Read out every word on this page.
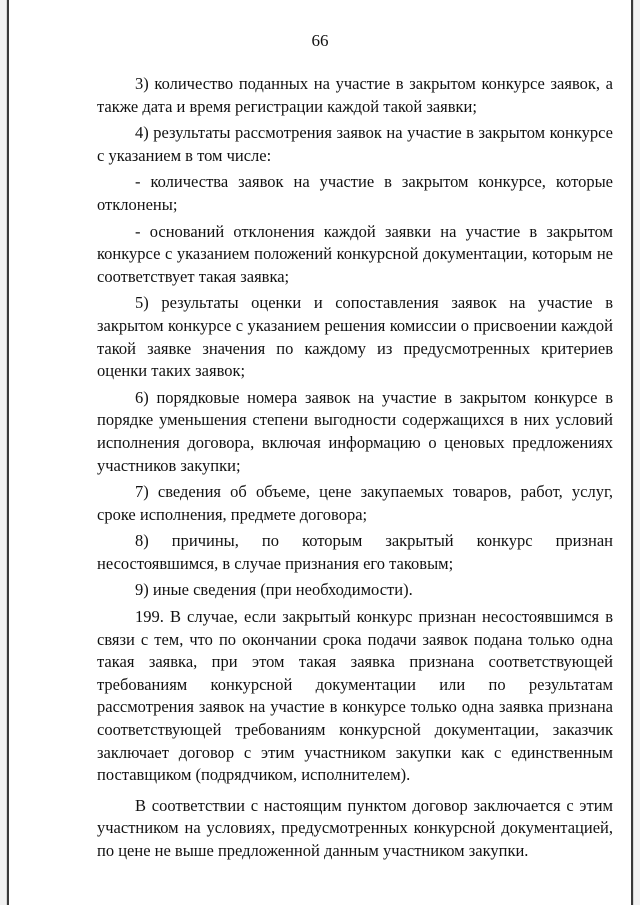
66

3) количество поданных на участие в закрытом конкурсе заявок, а также дата и время регистрации каждой такой заявки;

4) результаты рассмотрения заявок на участие в закрытом конкурсе с указанием в том числе:

- количества заявок на участие в закрытом конкурсе, которые отклонены;

- оснований отклонения каждой заявки на участие в закрытом конкурсе с указанием положений конкурсной документации, которым не соответствует такая заявка;

5) результаты оценки и сопоставления заявок на участие в закрытом конкурсе с указанием решения комиссии о присвоении каждой такой заявке значения по каждому из предусмотренных критериев оценки таких заявок;

6) порядковые номера заявок на участие в закрытом конкурсе в порядке уменьшения степени выгодности содержащихся в них условий исполнения договора, включая информацию о ценовых предложениях участников закупки;

7) сведения об объеме, цене закупаемых товаров, работ, услуг, сроке исполнения, предмете договора;

8) причины, по которым закрытый конкурс признан несостоявшимся, в случае признания его таковым;

9) иные сведения (при необходимости).

199. В случае, если закрытый конкурс признан несостоявшимся в связи с тем, что по окончании срока подачи заявок подана только одна такая заявка, при этом такая заявка признана соответствующей требованиям конкурсной документации или по результатам рассмотрения заявок на участие в конкурсе только одна заявка признана соответствующей требованиям конкурсной документации, заказчик заключает договор с этим участником закупки как с единственным поставщиком (подрядчиком, исполнителем).

В соответствии с настоящим пунктом договор заключается с этим участником на условиях, предусмотренных конкурсной документацией, по цене не выше предложенной данным участником закупки.
